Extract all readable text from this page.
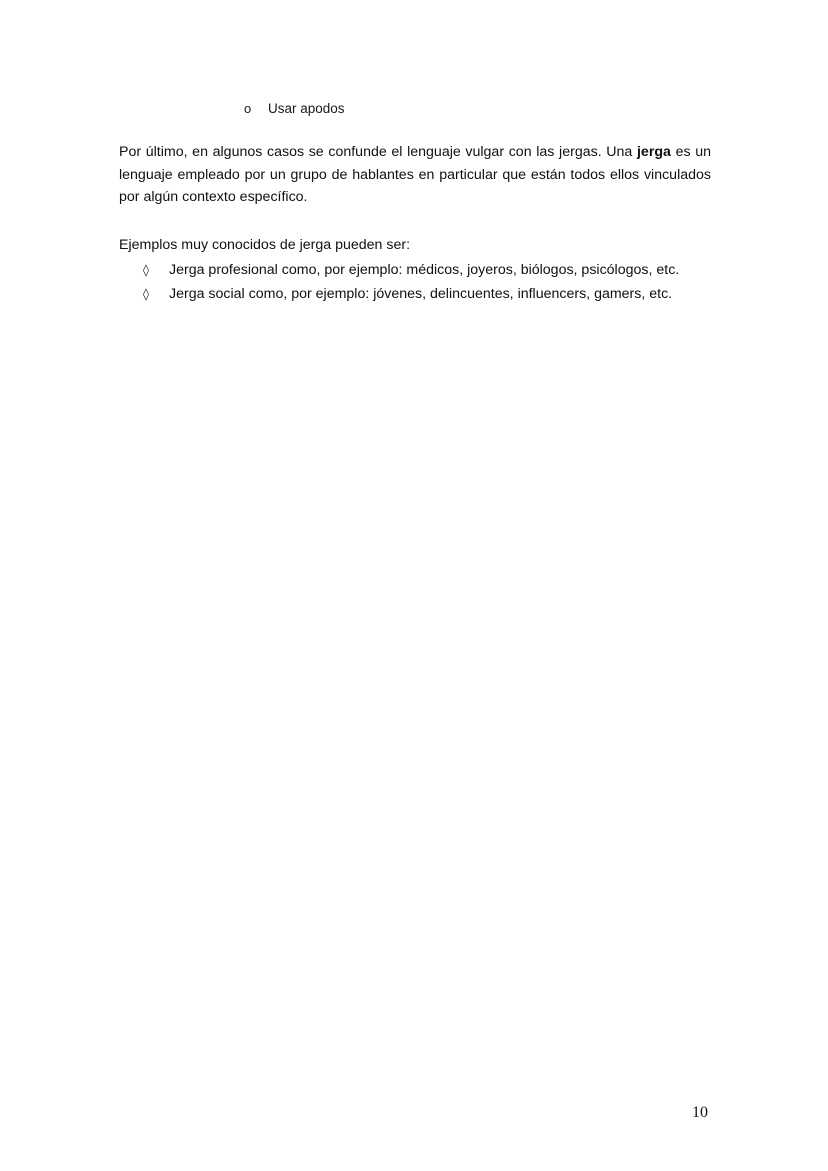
o	Usar apodos

Por último, en algunos casos se confunde el lenguaje vulgar con las jergas. Una jerga es un lenguaje empleado por un grupo de hablantes en particular que están todos ellos vinculados por algún contexto específico.

Ejemplos muy conocidos de jerga pueden ser:
◊	Jerga profesional como, por ejemplo: médicos, joyeros, biólogos, psicólogos, etc.
◊	Jerga social como, por ejemplo: jóvenes, delincuentes, influencers, gamers, etc.
10
